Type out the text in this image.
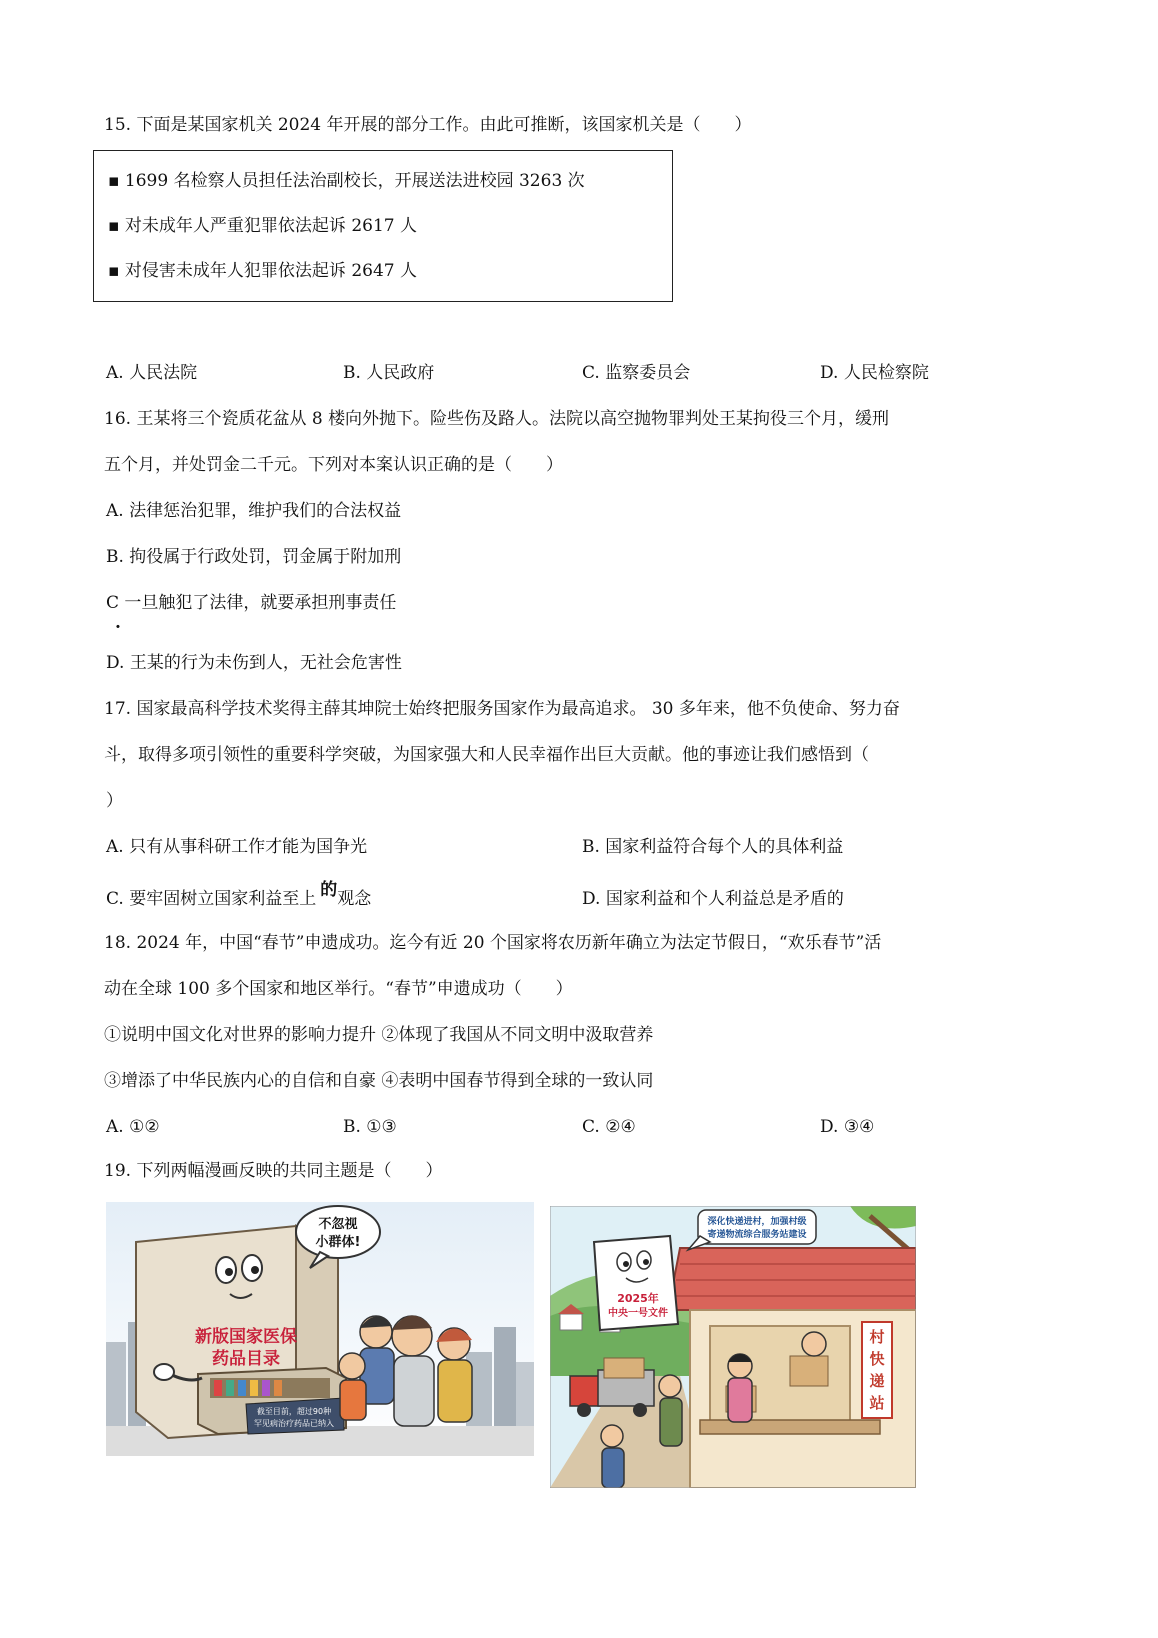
15. 下面是某国家机关 2024 年开展的部分工作。由此可推断，该国家机关是（　　）
▪ 1699 名检察人员担任法治副校长，开展送法进校园 3263 次
▪ 对未成年人严重犯罪依法起诉 2617 人
▪ 对侵害未成年人犯罪依法起诉 2647 人
A. 人民法院	B. 人民政府	C. 监察委员会	D. 人民检察院
16. 王某将三个瓷质花盆从 8 楼向外抛下。险些伤及路人。法院以高空抛物罪判处王某拘役三个月，缓刑
五个月，并处罚金二千元。下列对本案认识正确的是（　　）
A. 法律惩治犯罪，维护我们的合法权益
B. 拘役属于行政处罚，罚金属于附加刑
C 一旦触犯了法律，就要承担刑事责任
.
D. 王某的行为未伤到人，无社会危害性
17. 国家最高科学技术奖得主薛其坤院士始终把服务国家作为最高追求。 30 多年来，他不负使命、努力奋
斗，取得多项引领性的重要科学突破，为国家强大和人民幸福作出巨大贡献。他的事迹让我们感悟到（
）
A. 只有从事科研工作才能为国争光	B. 国家利益符合每个人的具体利益
C. 要牢固树立国家利益至上 的观念	D. 国家利益和个人利益总是矛盾的
18. 2024 年，中国“春节”申遗成功。迄今有近 20 个国家将农历新年确立为法定节假日，“欢乐春节”活
动在全球 100 多个国家和地区举行。“春节”申遗成功（　　）
①说明中国文化对世界的影响力提升 ②体现了我国从不同文明中汲取营养
③增添了中华民族内心的自信和自豪 ④表明中国春节得到全球的一致认同
A. ①②	B. ①③	C. ②④	D. ③④
19. 下列两幅漫画反映的共同主题是（　　）
新版国家医保
药品目录
截至目前，超过90种
罕见病治疗药品已纳入
不忽视
小群体!
村
快
递
站
2025年
中央一号文件
深化快递进村，加强村级
寄递物流综合服务站建设
